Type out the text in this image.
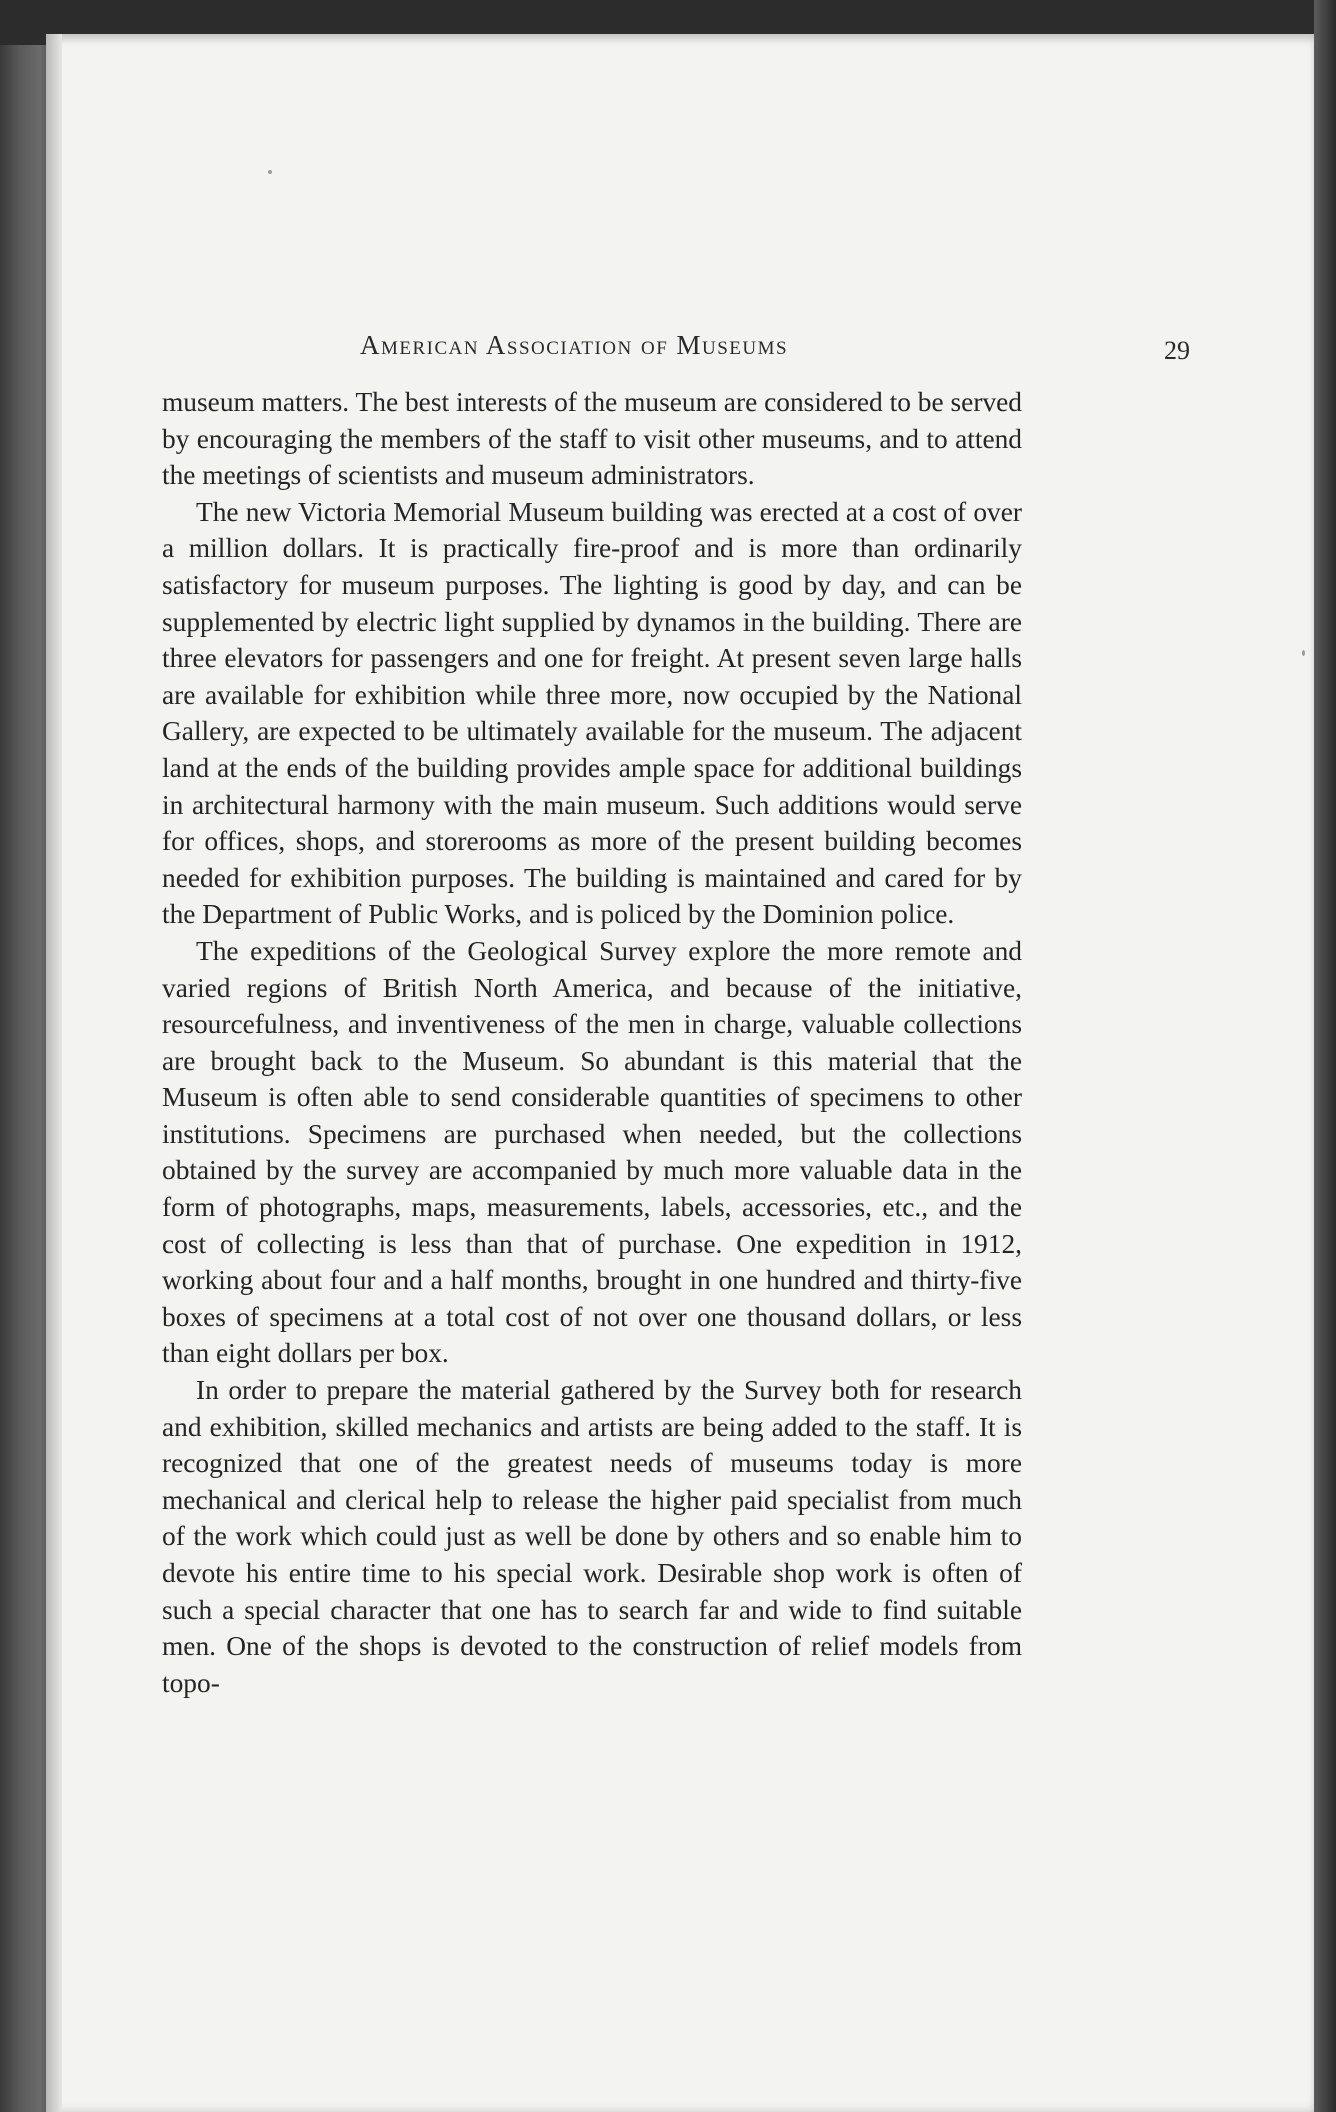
American Association of Museums	29

museum matters. The best interests of the museum are considered to be served by encouraging the members of the staff to visit other museums, and to attend the meetings of scientists and museum administrators.

The new Victoria Memorial Museum building was erected at a cost of over a million dollars. It is practically fire-proof and is more than ordinarily satisfactory for museum purposes. The lighting is good by day, and can be supplemented by electric light supplied by dynamos in the building. There are three elevators for passengers and one for freight. At present seven large halls are available for exhibition while three more, now occupied by the National Gallery, are expected to be ultimately available for the museum. The adjacent land at the ends of the building provides ample space for additional buildings in architectural harmony with the main museum. Such additions would serve for offices, shops, and storerooms as more of the present building becomes needed for exhibition purposes. The building is maintained and cared for by the Department of Public Works, and is policed by the Dominion police.

The expeditions of the Geological Survey explore the more remote and varied regions of British North America, and because of the initiative, resourcefulness, and inventiveness of the men in charge, valuable collections are brought back to the Museum. So abundant is this material that the Museum is often able to send considerable quantities of specimens to other institutions. Specimens are purchased when needed, but the collections obtained by the survey are accompanied by much more valuable data in the form of photographs, maps, measurements, labels, accessories, etc., and the cost of collecting is less than that of purchase. One expedition in 1912, working about four and a half months, brought in one hundred and thirty-five boxes of specimens at a total cost of not over one thousand dollars, or less than eight dollars per box.

In order to prepare the material gathered by the Survey both for research and exhibition, skilled mechanics and artists are being added to the staff. It is recognized that one of the greatest needs of museums today is more mechanical and clerical help to release the higher paid specialist from much of the work which could just as well be done by others and so enable him to devote his entire time to his special work. Desirable shop work is often of such a special character that one has to search far and wide to find suitable men. One of the shops is devoted to the construction of relief models from topo-
